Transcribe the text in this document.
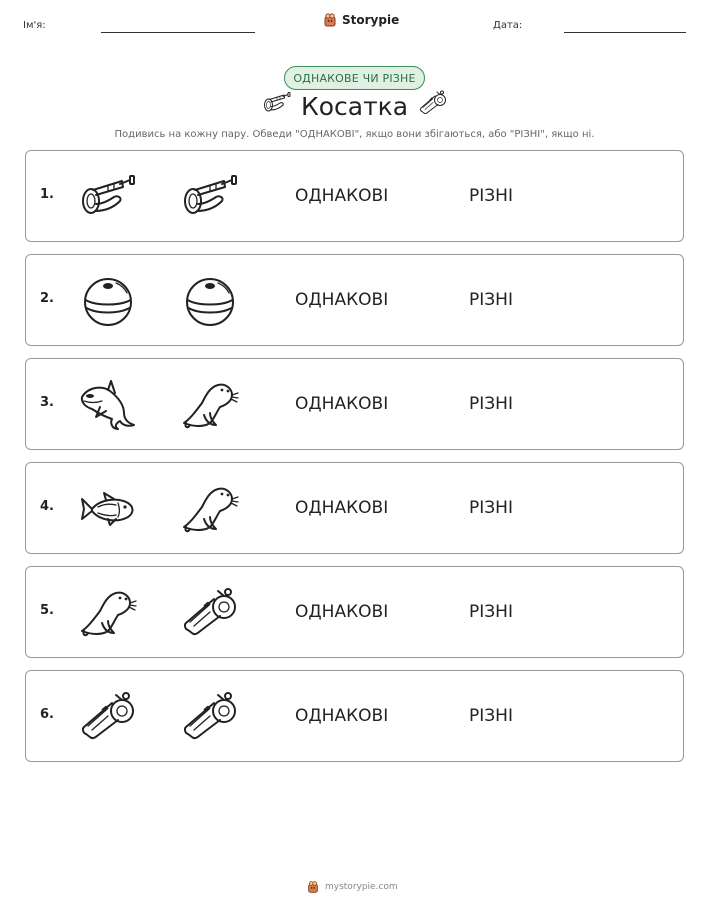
Ім'я:	Storypie	Дата:
ОДНАКОВЕ ЧИ РІЗНЕ
Косатка
Подивись на кожну пару. Обведи "ОДНАКОВІ", якщо вони збігаються, або "РІЗНІ", якщо ні.
1.	ОДНАКОВІ	РІЗНІ
2.	ОДНАКОВІ	РІЗНІ
3.	ОДНАКОВІ	РІЗНІ
4.	ОДНАКОВІ	РІЗНІ
5.	ОДНАКОВІ	РІЗНІ
6.	ОДНАКОВІ	РІЗНІ
mystorypie.com
